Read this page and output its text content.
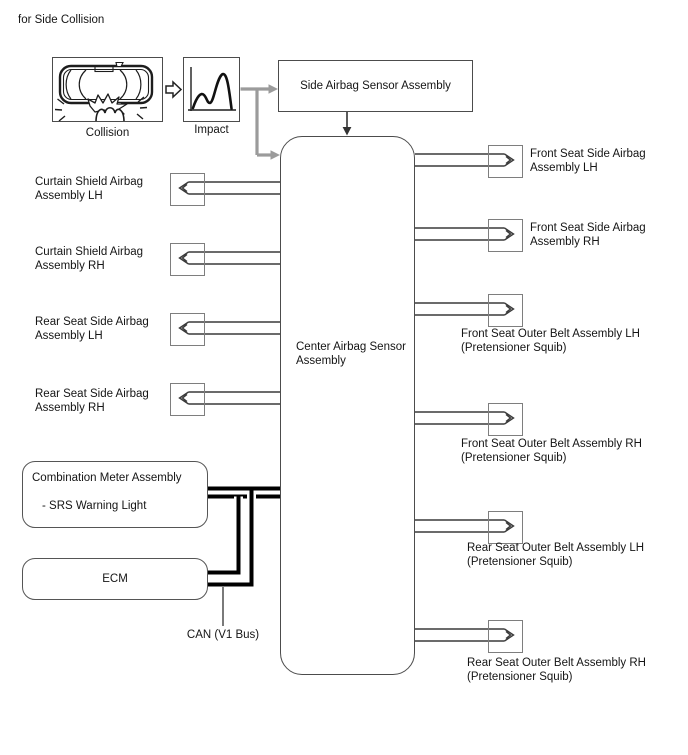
for Side Collision
Collision	Impact
Side Airbag Sensor Assembly
Center Airbag Sensor
Assembly
Curtain Shield Airbag
Assembly LH
Curtain Shield Airbag
Assembly RH
Rear Seat Side Airbag
Assembly LH
Rear Seat Side Airbag
Assembly RH
Front Seat Side Airbag
Assembly LH
Front Seat Side Airbag
Assembly RH
Front Seat Outer Belt Assembly LH
(Pretensioner Squib)
Front Seat Outer Belt Assembly RH
(Pretensioner Squib)
Rear Seat Outer Belt Assembly LH
(Pretensioner Squib)
Rear Seat Outer Belt Assembly RH
(Pretensioner Squib)
Combination Meter Assembly
- SRS Warning Light
ECM
CAN (V1 Bus)
